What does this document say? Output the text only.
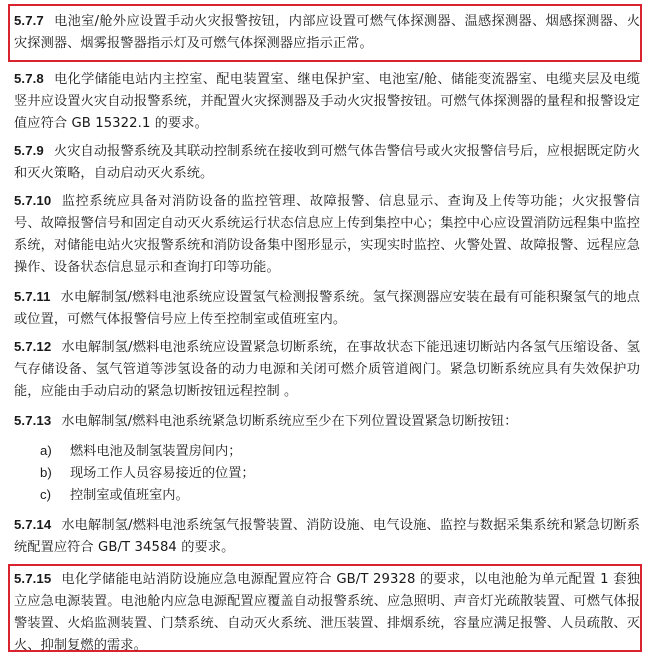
5.7.7 电池室/舱外应设置手动火灾报警按钮，内部应设置可燃气体探测器、温感探测器、烟感探测器、火灾探测器、烟雾报警器指示灯及可燃气体探测器应指示正常。

5.7.8 电化学储能电站内主控室、配电装置室、继电保护室、电池室/舱、储能变流器室、电缆夹层及电缆竖井应设置火灾自动报警系统，并配置火灾探测器及手动火灾报警按钮。可燃气体探测器的量程和报警设定值应符合 GB 15322.1 的要求。

5.7.9 火灾自动报警系统及其联动控制系统在接收到可燃气体告警信号或火灾报警信号后，应根据既定防火和灭火策略，自动启动灭火系统。

5.7.10 监控系统应具备对消防设备的监控管理、故障报警、信息显示、查询及上传等功能；火灾报警信号、故障报警信号和固定自动灭火系统运行状态信息应上传到集控中心；集控中心应设置消防远程集中监控系统，对储能电站火灾报警系统和消防设备集中图形显示，实现实时监控、火警处置、故障报警、远程应急操作、设备状态信息显示和查询打印等功能。

5.7.11 水电解制氢/燃料电池系统应设置氢气检测报警系统。氢气探测器应安装在最有可能积聚氢气的地点或位置，可燃气体报警信号应上传至控制室或值班室内。

5.7.12 水电解制氢/燃料电池系统应设置紧急切断系统，在事故状态下能迅速切断站内各氢气压缩设备、氢气存储设备、氢气管道等涉氢设备的动力电源和关闭可燃介质管道阀门。紧急切断系统应具有失效保护功能，应能由手动启动的紧急切断按钮远程控制 。

5.7.13 水电解制氢/燃料电池系统紧急切断系统应至少在下列位置设置紧急切断按钮：

a) 燃料电池及制氢装置房间内；
b) 现场工作人员容易接近的位置；
c) 控制室或值班室内。

5.7.14 水电解制氢/燃料电池系统氢气报警装置、消防设施、电气设施、监控与数据采集系统和紧急切断系统配置应符合 GB/T 34584 的要求。

5.7.15 电化学储能电站消防设施应急电源配置应符合 GB/T 29328 的要求，以电池舱为单元配置 1 套独立应急电源装置。电池舱内应急电源配置应覆盖自动报警系统、应急照明、声音灯光疏散装置、可燃气体报警装置、火焰监测装置、门禁系统、自动灭火系统、泄压装置、排烟系统，容量应满足报警、人员疏散、灭火、抑制复燃的需求。
